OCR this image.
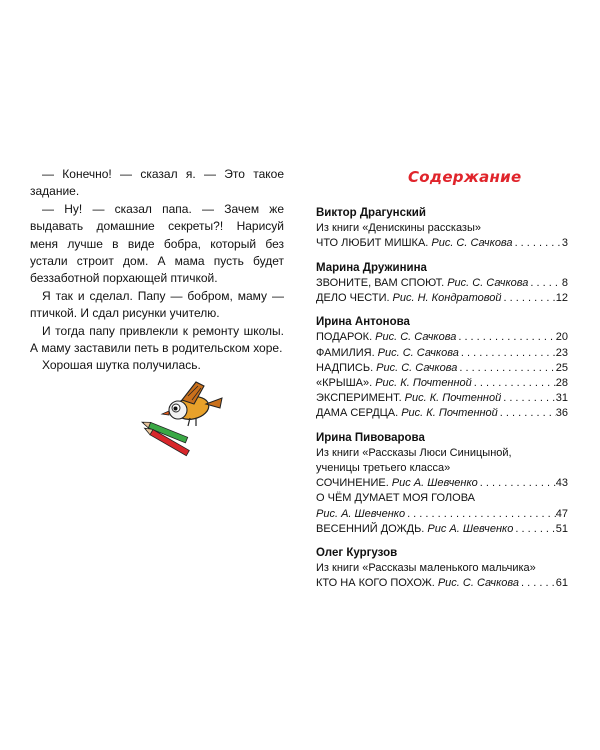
— Конечно! — сказал я. — Это такое задание.

— Ну! — сказал папа. — Зачем же выдавать домашние секреты?! Нарисуй меня лучше в виде бобра, который без устали строит дом. А мама пусть будет беззаботной порхающей птичкой.

Я так и сделал. Папу — бобром, маму — птичкой. И сдал рисунки учителю.

И тогда папу привлекли к ремонту школы. А маму заставили петь в родительском хоре.

Хорошая шутка получилась.

Содержание
Виктор Драгунский
Из книги «Денискины рассказы»
ЧТО ЛЮБИТ МИШКА. Рис. С. Сачкова . . .	3
Марина Дружинина
ЗВОНИТЕ, ВАМ СПОЮТ. Рис. С. Сачкова . . .	8
ДЕЛО ЧЕСТИ. Рис. Н. Кондратовой . . .	12
Ирина Антонова
ПОДАРОК. Рис. С. Сачкова . . .	20
ФАМИЛИЯ. Рис. С. Сачкова . . .	23
НАДПИСЬ. Рис. С. Сачкова . . .	25
«КРЫША». Рис. К. Почтенной . . .	28
ЭКСПЕРИМЕНТ. Рис. К. Почтенной . . .	31
ДАМА СЕРДЦА. Рис. К. Почтенной . . .	36
Ирина Пивоварова
Из книги «Рассказы Люси Синицыной,
ученицы третьего класса»
СОЧИНЕНИЕ. Рис А. Шевченко . . .	43
О ЧЁМ ДУМАЕТ МОЯ ГОЛОВА
Рис. А. Шевченко . . .	47
ВЕСЕННИЙ ДОЖДЬ. Рис А. Шевченко . . .	51
Олег Кургузов
Из книги «Рассказы маленького мальчика»
КТО НА КОГО ПОХОЖ. Рис. С. Сачкова . . .	61
